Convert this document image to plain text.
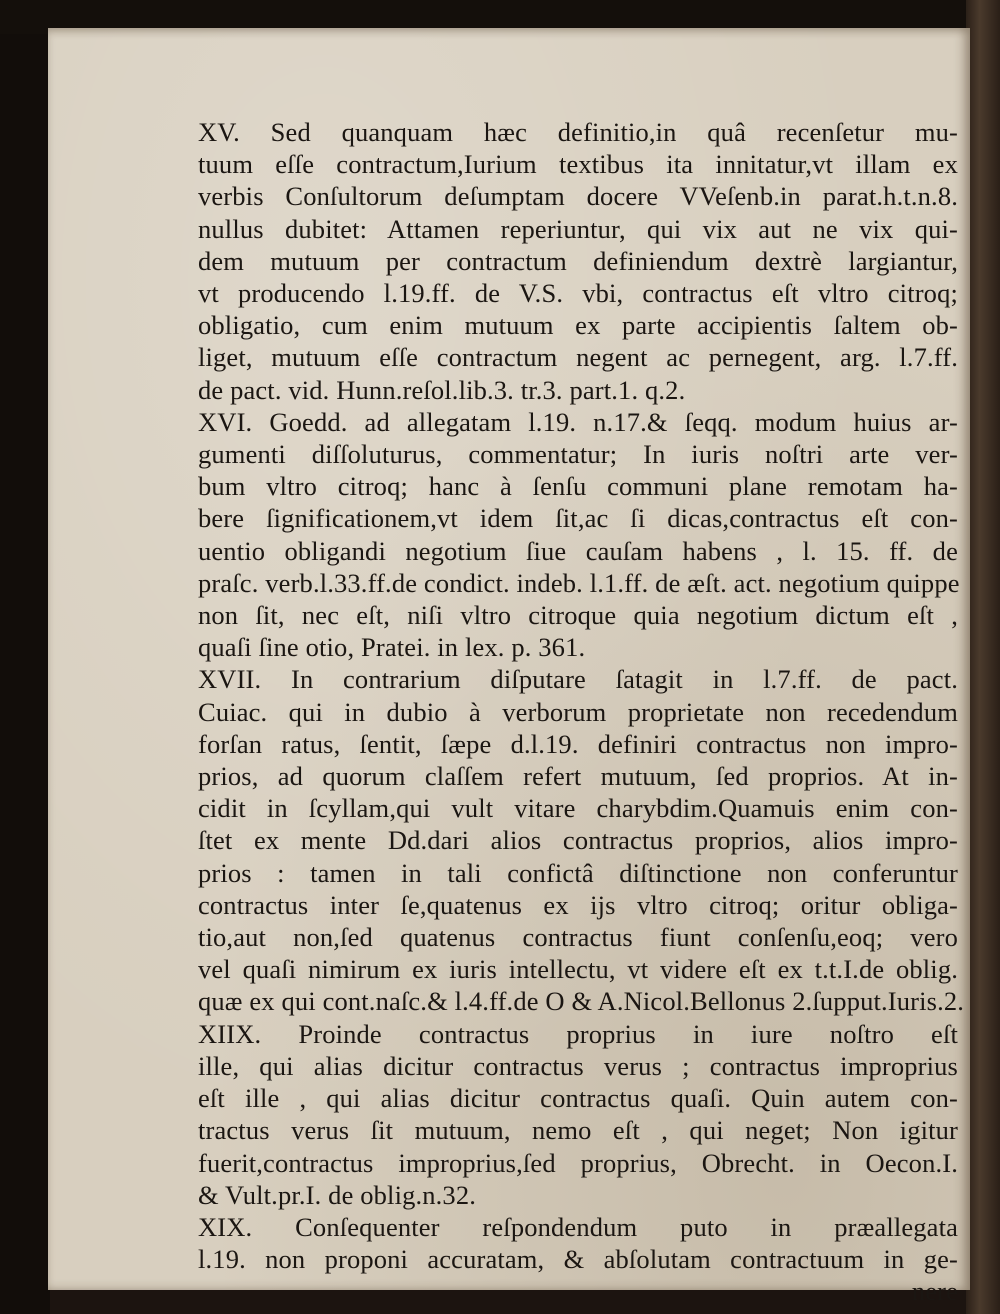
XV. Sed quanquam hæc definitio,in quâ recenſetur mu-
tuum eſſe contractum,Iurium textibus ita innitatur,vt illam ex
verbis Conſultorum deſumptam docere VVeſenb.in parat.h.t.n.8.
nullus dubitet: Attamen reperiuntur, qui vix aut ne vix qui-
dem mutuum per contractum definiendum dextrè largiantur,
vt producendo l.19.ff. de V.S. vbi, contractus eſt vltro citroq;
obligatio, cum enim mutuum ex parte accipientis ſaltem ob-
liget, mutuum eſſe contractum negent ac pernegent, arg. l.7.ff.
de pact. vid. Hunn.reſol.lib.3. tr.3. part.1. q.2.
XVI. Goedd. ad allegatam l.19. n.17.& ſeqq. modum huius ar-
gumenti diſſoluturus, commentatur; In iuris noſtri arte ver-
bum vltro citroq; hanc à ſenſu communi plane remotam ha-
bere ſignificationem,vt idem ſit,ac ſi dicas,contractus eſt con-
uentio obligandi negotium ſiue cauſam habens , l. 15. ff. de
praſc. verb.l.33.ff.de condict. indeb. l.1.ff. de æſt. act. negotium quippe
non ſit, nec eſt, niſi vltro citroque quia negotium dictum eſt ,
quaſi ſine otio, Pratei. in lex. p. 361.
XVII. In contrarium diſputare ſatagit in l.7.ff. de pact.
Cuiac. qui in dubio à verborum proprietate non recedendum
forſan ratus, ſentit, ſæpe d.l.19. definiri contractus non impro-
prios, ad quorum claſſem refert mutuum, ſed proprios. At in-
cidit in ſcyllam,qui vult vitare charybdim.Quamuis enim con-
ſtet ex mente Dd.dari alios contractus proprios, alios impro-
prios : tamen in tali confictâ diſtinctione non conferuntur
contractus inter ſe,quatenus ex ijs vltro citroq; oritur obliga-
tio,aut non,ſed quatenus contractus fiunt conſenſu,eoq; vero
vel quaſi nimirum ex iuris intellectu, vt videre eſt ex t.t.I.de oblig.
quæ ex qui cont.naſc.& l.4.ff.de O & A.Nicol.Bellonus 2.ſupput.Iuris.2.
XIIX. Proinde contractus proprius in iure noſtro eſt
ille, qui alias dicitur contractus verus ; contractus improprius
eſt ille , qui alias dicitur contractus quaſi. Quin autem con-
tractus verus ſit mutuum, nemo eſt , qui neget; Non igitur
fuerit,contractus improprius,ſed proprius, Obrecht. in Oecon.I.
& Vult.pr.I. de oblig.n.32.
XIX. Conſequenter reſpondendum puto in præallegata
l.19. non proponi accuratam, & abſolutam contractuum in ge-
nere
